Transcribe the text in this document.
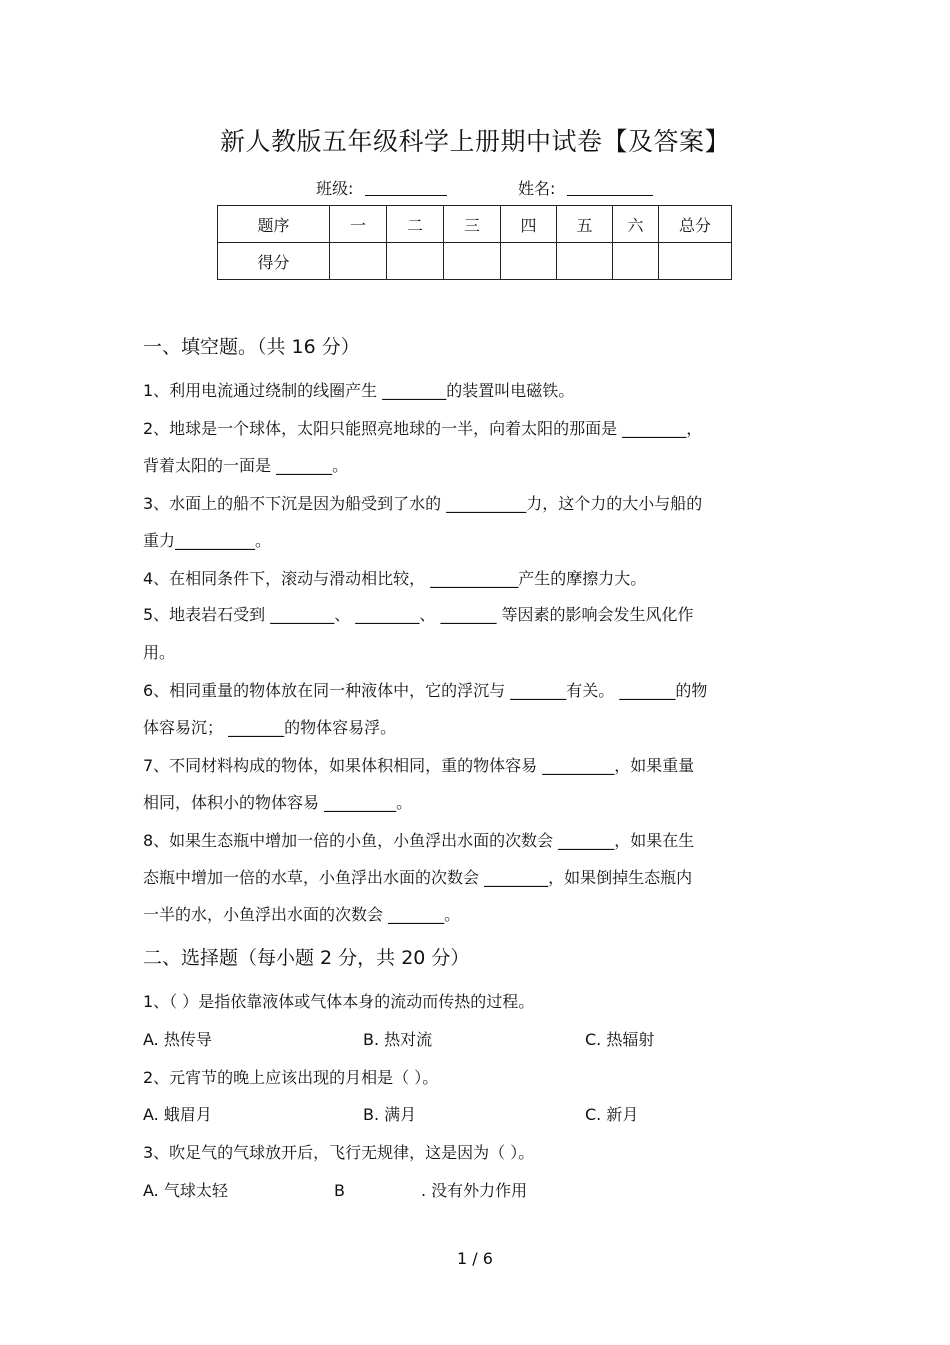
新人教版五年级科学上册期中试卷【及答案】
班级:	姓名:
题序	一	二	三	四	五	六	总分
得分							
一、填空题。（共 16 分）
1、利用电流通过绕制的线圈产生 ________的装置叫电磁铁。
2、地球是一个球体，太阳只能照亮地球的一半，向着太阳的那面是 ________，
背着太阳的一面是 _______。
3、水面上的船不下沉是因为船受到了水的 __________力，这个力的大小与船的
重力__________。
4、在相同条件下，滚动与滑动相比较， ___________产生的摩擦力大。
5、地表岩石受到 ________、 ________、 _______ 等因素的影响会发生风化作
用。
6、相同重量的物体放在同一种液体中，它的浮沉与 _______有关。 _______的物
体容易沉； _______的物体容易浮。
7、不同材料构成的物体，如果体积相同，重的物体容易 _________，如果重量
相同，体积小的物体容易 _________。
8、如果生态瓶中增加一倍的小鱼，小鱼浮出水面的次数会 _______，如果在生
态瓶中增加一倍的水草，小鱼浮出水面的次数会 ________，如果倒掉生态瓶内
一半的水，小鱼浮出水面的次数会 _______。
二、选择题（每小题 2 分，共 20 分）
1、（ ）是指依靠液体或气体本身的流动而传热的过程。
A. 热传导	B. 热对流	C. 热辐射
2、元宵节的晚上应该出现的月相是（ ）。
A. 蛾眉月	B. 满月	C. 新月
3、吹足气的气球放开后，飞行无规律，这是因为（ ）。
A. 气球太轻	B	. 没有外力作用
1 / 6
